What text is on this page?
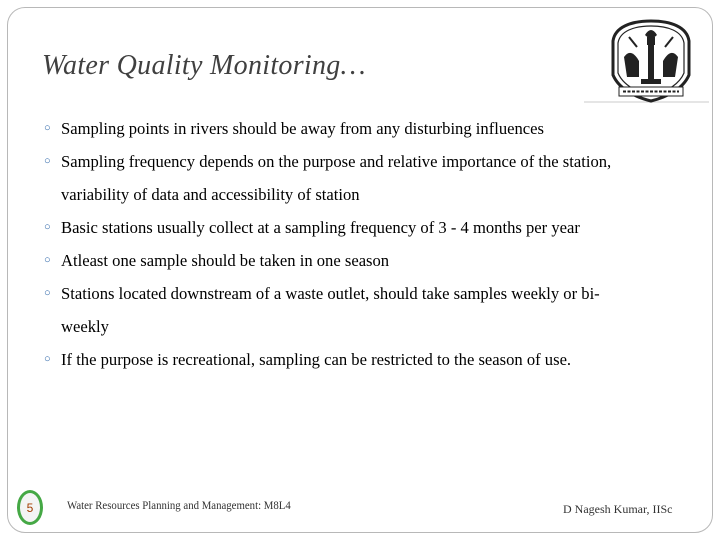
Water Quality Monitoring…
○ Sampling points in rivers should be away from any disturbing influences
○ Sampling frequency depends on the purpose and relative importance of the station,
variability of data and accessibility of station
○ Basic stations usually collect at a sampling frequency of 3 - 4 months per year
○ Atleast one sample should be taken in one season
○ Stations located downstream of a waste outlet, should take samples weekly or bi-
weekly
○ If the purpose is recreational, sampling can be restricted to the season of use.
5	Water Resources Planning and Management: M8L4	D Nagesh Kumar, IISc
